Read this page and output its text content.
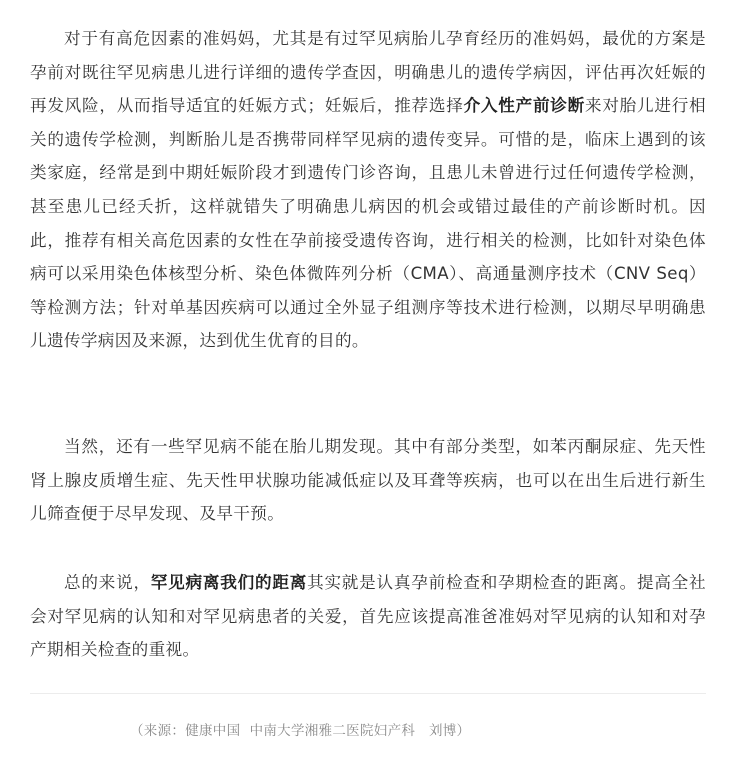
对于有高危因素的准妈妈，尤其是有过罕见病胎儿孕育经历的准妈妈，最优的方案是孕前对既往罕见病患儿进行详细的遗传学查因，明确患儿的遗传学病因，评估再次妊娠的再发风险，从而指导适宜的妊娠方式；妊娠后，推荐选择介入性产前诊断来对胎儿进行相关的遗传学检测，判断胎儿是否携带同样罕见病的遗传变异。可惜的是，临床上遇到的该类家庭，经常是到中期妊娠阶段才到遗传门诊咨询，且患儿未曾进行过任何遗传学检测，甚至患儿已经夭折，这样就错失了明确患儿病因的机会或错过最佳的产前诊断时机。因此，推荐有相关高危因素的女性在孕前接受遗传咨询，进行相关的检测，比如针对染色体病可以采用染色体核型分析、染色体微阵列分析（CMA）、高通量测序技术（CNV Seq）等检测方法；针对单基因疾病可以通过全外显子组测序等技术进行检测，以期尽早明确患儿遗传学病因及来源，达到优生优育的目的。

当然，还有一些罕见病不能在胎儿期发现。其中有部分类型，如苯丙酮尿症、先天性肾上腺皮质增生症、先天性甲状腺功能减低症以及耳聋等疾病，也可以在出生后进行新生儿筛查便于尽早发现、及早干预。

总的来说，罕见病离我们的距离其实就是认真孕前检查和孕期检查的距离。提高全社会对罕见病的认知和对罕见病患者的关爱，首先应该提高准爸准妈对罕见病的认知和对孕产期相关检查的重视。

（来源：健康中国  中南大学湘雅二医院妇产科   刘博）
